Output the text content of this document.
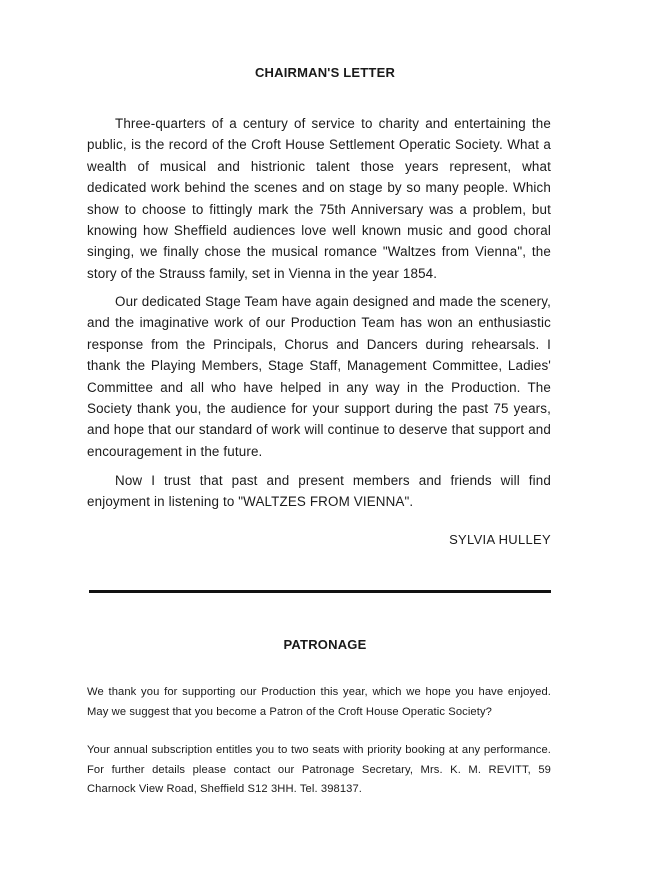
CHAIRMAN'S LETTER

Three-quarters of a century of service to charity and entertaining the public, is the record of the Croft House Settlement Operatic Society. What a wealth of musical and histrionic talent those years represent, what dedicated work behind the scenes and on stage by so many people. Which show to choose to fittingly mark the 75th Anniversary was a problem, but knowing how Sheffield audiences love well known music and good choral singing, we finally chose the musical romance "Waltzes from Vienna", the story of the Strauss family, set in Vienna in the year 1854.

Our dedicated Stage Team have again designed and made the scenery, and the imaginative work of our Production Team has won an enthusiastic response from the Principals, Chorus and Dancers during rehearsals. I thank the Playing Members, Stage Staff, Management Committee, Ladies' Committee and all who have helped in any way in the Production. The Society thank you, the audience for your support during the past 75 years, and hope that our standard of work will continue to deserve that support and encouragement in the future.

Now I trust that past and present members and friends will find enjoyment in listening to "WALTZES FROM VIENNA".

SYLVIA HULLEY
PATRONAGE

We thank you for supporting our Production this year, which we hope you have enjoyed. May we suggest that you become a Patron of the Croft House Operatic Society?

Your annual subscription entitles you to two seats with priority booking at any performance. For further details please contact our Patronage Secretary, Mrs. K. M. REVITT, 59 Charnock View Road, Sheffield S12 3HH. Tel. 398137.
